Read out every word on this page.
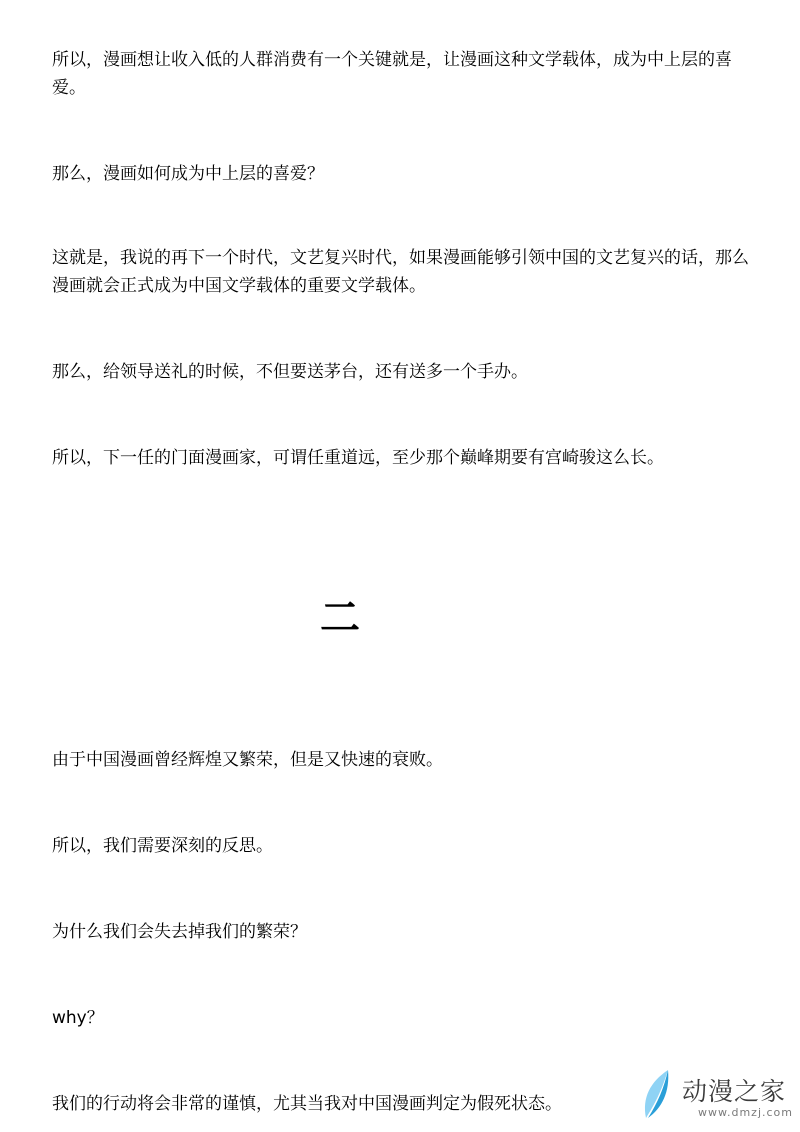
所以，漫画想让收入低的人群消费有一个关键就是，让漫画这种文学载体，成为中上层的喜爱。

那么，漫画如何成为中上层的喜爱？

这就是，我说的再下一个时代，文艺复兴时代，如果漫画能够引领中国的文艺复兴的话，那么漫画就会正式成为中国文学载体的重要文学载体。

那么，给领导送礼的时候，不但要送茅台，还有送多一个手办。

所以，下一任的门面漫画家，可谓任重道远，至少那个巅峰期要有宫崎骏这么长。

二

由于中国漫画曾经辉煌又繁荣，但是又快速的衰败。

所以，我们需要深刻的反思。

为什么我们会失去掉我们的繁荣？

why？

我们的行动将会非常的谨慎，尤其当我对中国漫画判定为假死状态。	动漫之家
www.dmzj.com
